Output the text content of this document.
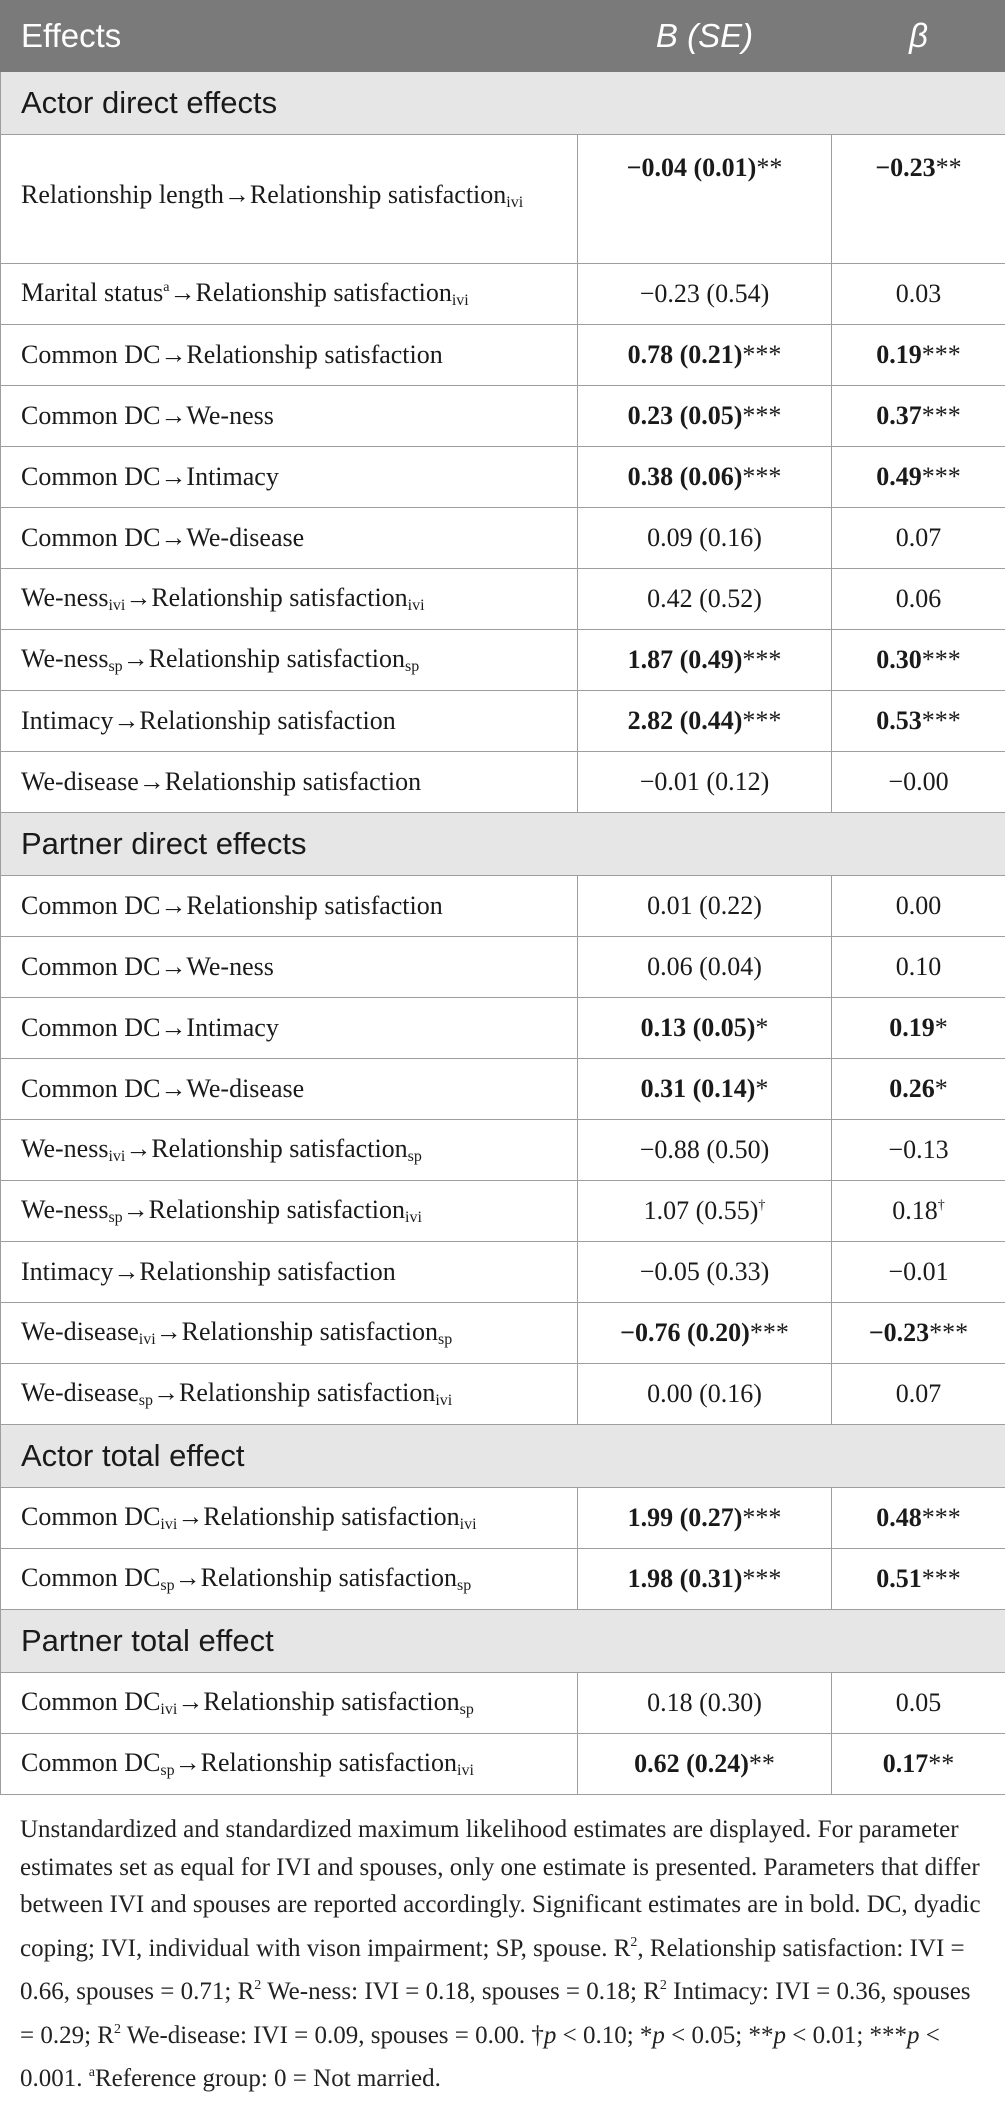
Effects	B (SE)	β
Actor direct effects		
Relationship length→Relationship satisfaction$_{ivi}$	−0.04 (0.01)**	−0.23**
Marital status$^a$→Relationship satisfaction$_{ivi}$	−0.23 (0.54)	0.03
Common DC→Relationship satisfaction	0.78 (0.21)***	0.19***
Common DC→We-ness	0.23 (0.05)***	0.37***
Common DC→Intimacy	0.38 (0.06)***	0.49***
Common DC→We-disease	0.09 (0.16)	0.07
We-ness$_{ivi}$→Relationship satisfaction$_{ivi}$	0.42 (0.52)	0.06
We-ness$_{sp}$→Relationship satisfaction$_{sp}$	1.87 (0.49)***	0.30***
Intimacy→Relationship satisfaction	2.82 (0.44)***	0.53***
We-disease→Relationship satisfaction	−0.01 (0.12)	−0.00
Partner direct effects		
Common DC→Relationship satisfaction	0.01 (0.22)	0.00
Common DC→We-ness	0.06 (0.04)	0.10
Common DC→Intimacy	0.13 (0.05)*	0.19*
Common DC→We-disease	0.31 (0.14)*	0.26*
We-ness$_{ivi}$→Relationship satisfaction$_{sp}$	−0.88 (0.50)	−0.13
We-ness$_{sp}$→Relationship satisfaction$_{ivi}$	1.07 (0.55)†	0.18†
Intimacy→Relationship satisfaction	−0.05 (0.33)	−0.01
We-disease$_{ivi}$→Relationship satisfaction$_{sp}$	−0.76 (0.20)***	−0.23***
We-disease$_{sp}$→Relationship satisfaction$_{ivi}$	0.00 (0.16)	0.07
Actor total effect		
Common $DC_{ivi}\to Relationship$ satisfaction$_{ivi}$	1.99 (0.27)***	0.48***
Common $DC_{sp}\to Relationship$ satisfaction$_{sp}$	1.98 (0.31)***	0.51***
Partner total effect		
Common $DC_{ivi}\to Relationship$ satisfaction$_{sp}$	0.18 (0.30)	0.05
Common $DC_{sp}\to Relationship$ satisfaction$_{ivi}$	0.62 (0.24)**	0.17**
Unstandardized and standardized maximum likelihood estimates are displayed. For parameter estimates set as equal for IVI and spouses, only one estimate is presented. Parameters that differ between IVI and spouses are reported accordingly. Significant estimates are in bold. DC, dyadic coping; IVI, individual with vison impairment; SP, spouse. $R^2$, Relationship satisfaction: IVI = 0.66, spouses = 0.71; $R^2$ We-ness: IVI = 0.18, spouses = 0.18; $R^2$ Intimacy: IVI = 0.36, spouses = 0.29; $R^2$ We-disease: IVI = 0.09, spouses = 0.00. †p < 0.10; *p < 0.05; **p < 0.01; ***p < 0.001. $^a$Reference group: 0 = Not married.
